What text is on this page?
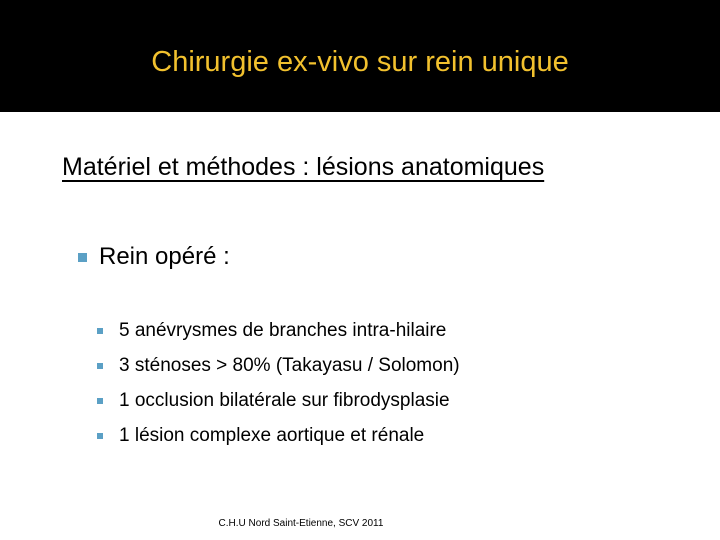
Chirurgie ex-vivo sur rein unique
Matériel et méthodes : lésions anatomiques
Rein opéré :
5 anévrysmes de branches intra-hilaire
3 sténoses > 80% (Takayasu / Solomon)
1 occlusion bilatérale sur fibrodysplasie
1 lésion complexe aortique et rénale
C.H.U Nord Saint-Etienne, SCV 2011
